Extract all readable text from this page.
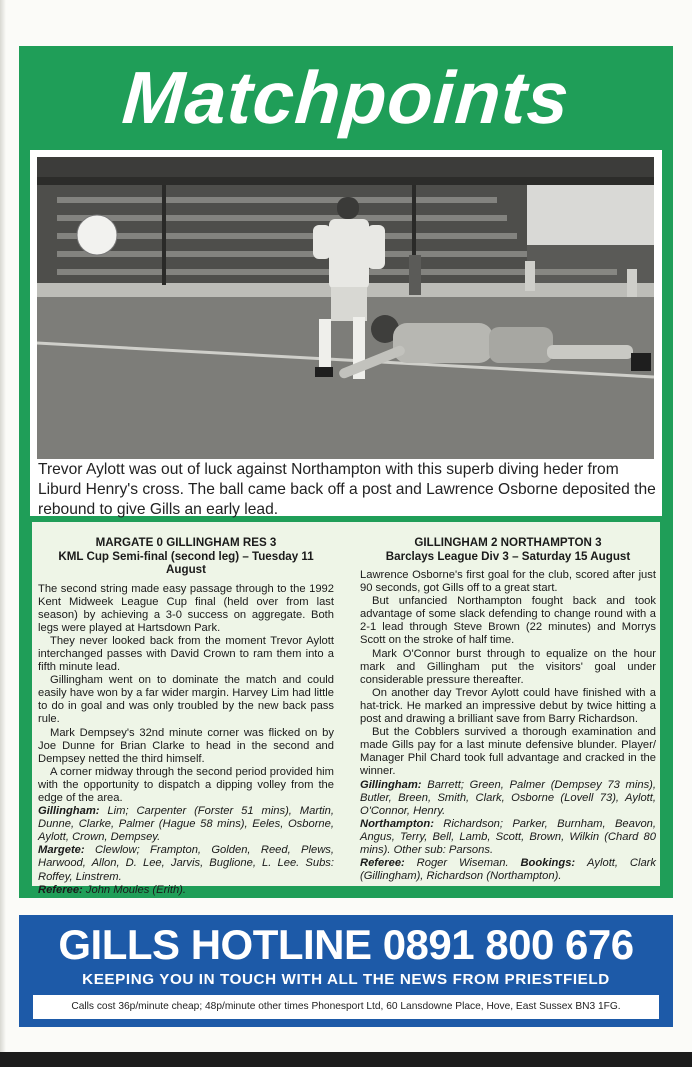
Matchpoints
Trevor Aylott was out of luck against Northampton with this superb diving heder from Liburd Henry's cross. The ball came back off a post and Lawrence Osborne deposited the rebound to give Gills an early lead.
MARGATE 0 GILLINGHAM RES 3
KML Cup Semi-final (second leg) – Tuesday 11 August

The second string made easy passage through to the 1992 Kent Midweek League Cup final (held over from last season) by achieving a 3-0 success on aggregate. Both legs were played at Hartsdown Park.

They never looked back from the moment Trevor Aylott interchanged passes with David Crown to ram them into a fifth minute lead.

Gillingham went on to dominate the match and could easily have won by a far wider margin. Harvey Lim had little to do in goal and was only troubled by the new back pass rule.

Mark Dempsey's 32nd minute corner was flicked on by Joe Dunne for Brian Clarke to head in the second and Dempsey netted the third himself.

A corner midway through the second period provided him with the opportunity to dispatch a dipping volley from the edge of the area.

Gillingham: Lim; Carpenter (Forster 51 mins), Martin, Dunne, Clarke, Palmer (Hague 58 mins), Eeles, Osborne, Aylott, Crown, Dempsey.

Margete: Clewlow; Frampton, Golden, Reed, Plews, Harwood, Allon, D. Lee, Jarvis, Buglione, L. Lee. Subs: Roffey, Linstrem.

Referee: John Moules (Erith).

GILLINGHAM 2 NORTHAMPTON 3
Barclays League Div 3 – Saturday 15 August

Lawrence Osborne's first goal for the club, scored after just 90 seconds, got Gills off to a great start.

But unfancied Northampton fought back and took advantage of some slack defending to change round with a 2-1 lead through Steve Brown (22 minutes) and Morrys Scott on the stroke of half time.

Mark O'Connor burst through to equalize on the hour mark and Gillingham put the visitors' goal under considerable pressure thereafter.

On another day Trevor Aylott could have finished with a hat-trick. He marked an impressive debut by twice hitting a post and drawing a brilliant save from Barry Richardson.

But the Cobblers survived a thorough examination and made Gills pay for a last minute defensive blunder. Player/ Manager Phil Chard took full advantage and cracked in the winner.

Gillingham: Barrett; Green, Palmer (Dempsey 73 mins), Butler, Breen, Smith, Clark, Osborne (Lovell 73), Aylott, O'Connor, Henry.

Northampton: Richardson; Parker, Burnham, Beavon, Angus, Terry, Bell, Lamb, Scott, Brown, Wilkin (Chard 80 mins). Other sub: Parsons.

Referee: Roger Wiseman. Bookings: Aylott, Clark (Gillingham), Richardson (Northampton).

GILLS HOTLINE 0891 800 676
KEEPING YOU IN TOUCH WITH ALL THE NEWS FROM PRIESTFIELD
Calls cost 36p/minute cheap; 48p/minute other times Phonesport Ltd, 60 Lansdowne Place, Hove, East Sussex BN3 1FG.
